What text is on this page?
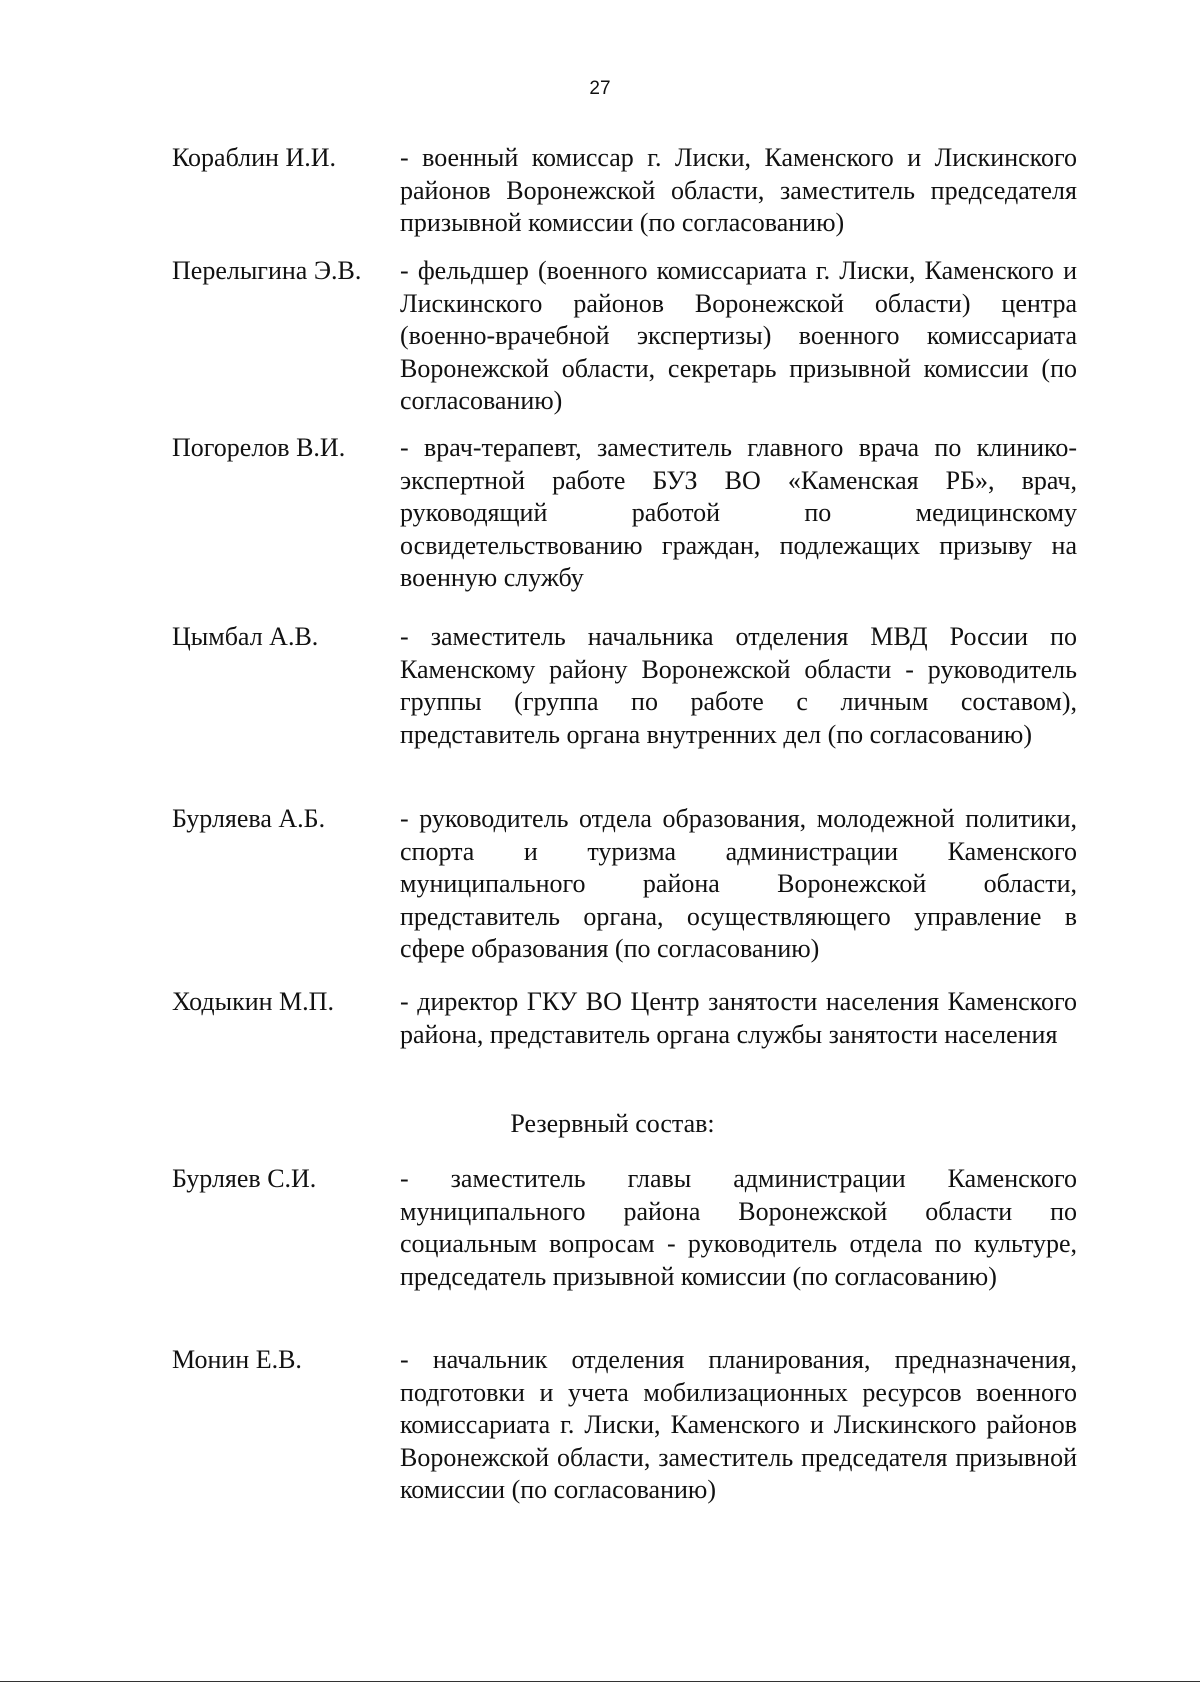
27
Кораблин И.И. - военный комиссар г. Лиски, Каменского и Лискинского районов Воронежской области, заместитель председателя призывной комиссии (по согласованию)
Перелыгина Э.В. - фельдшер (военного комиссариата г. Лиски, Каменского и Лискинского районов Воронежской области) центра (военно-врачебной экспертизы) военного комиссариата Воронежской области, секретарь призывной комиссии (по согласованию)
Погорелов В.И. - врач-терапевт, заместитель главного врача по клинико-экспертной работе БУЗ ВО «Каменская РБ», врач, руководящий работой по медицинскому освидетельствованию граждан, подлежащих призыву на военную службу
Цымбал А.В.	- заместитель начальника отделения МВД России по Каменскому району Воронежской области - руководитель группы (группа по работе с личным составом), представитель органа внутренних дел (по согласованию)
Бурляева А.Б.	- руководитель отдела образования, молодежной политики, спорта и туризма администрации Каменского муниципального района Воронежской области, представитель органа, осуществляющего управление в сфере образования (по согласованию)
Ходыкин М.П.	- директор ГКУ ВО Центр занятости населения Каменского района, представитель органа службы занятости населения
Резервный состав:
Бурляев С.И.	- заместитель главы администрации Каменского муниципального района Воронежской области по социальным вопросам - руководитель отдела по культуре, председатель призывной комиссии (по согласованию)
Монин Е.В.	- начальник отделения планирования, предназначения, подготовки и учета мобилизационных ресурсов военного комиссариата г. Лиски, Каменского и Лискинского районов Воронежской области, заместитель председателя призывной комиссии (по согласованию)
